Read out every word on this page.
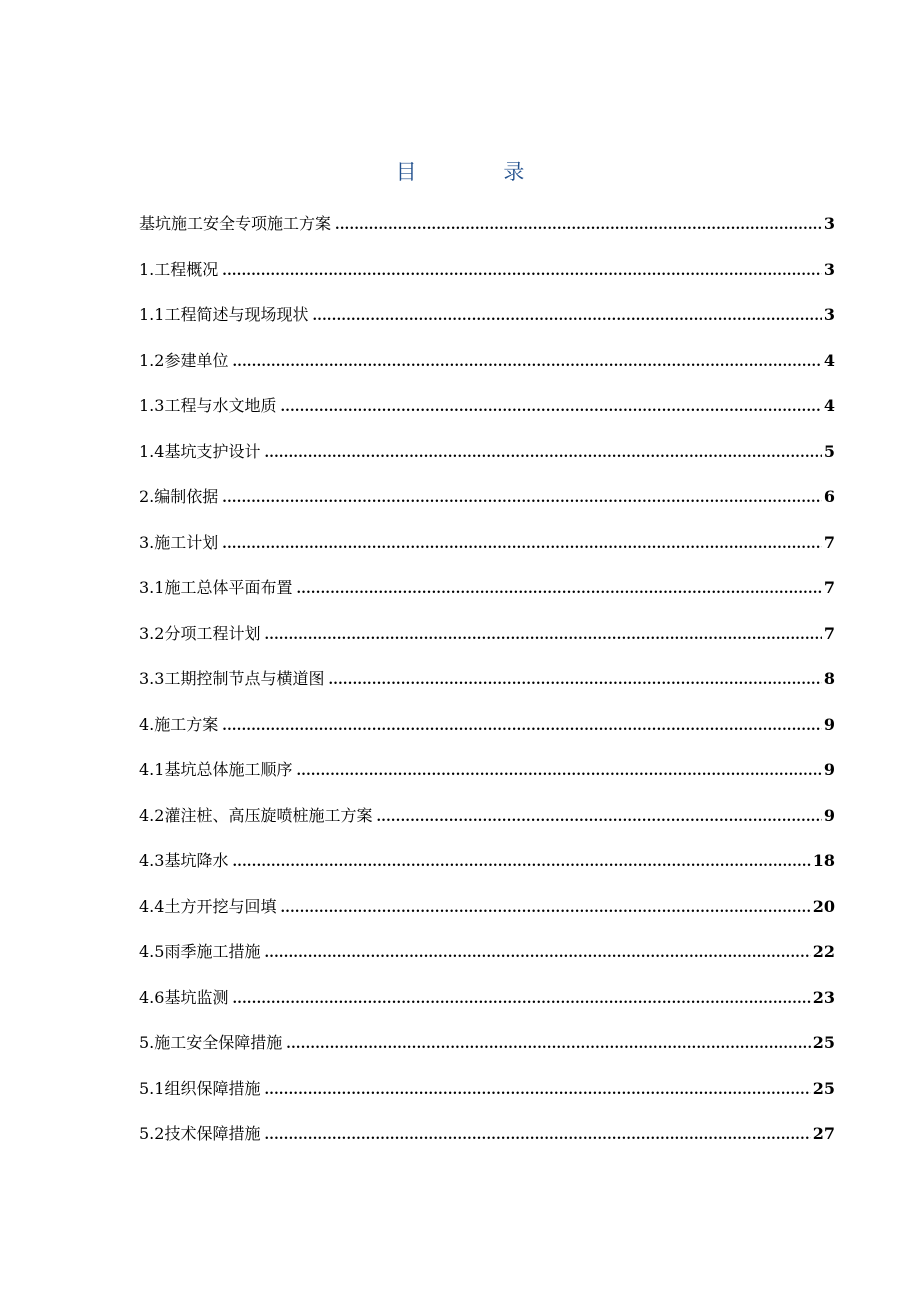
目 录
基坑施工安全专项施工方案 .....	3
1.工程概况 .....	3
1.1工程简述与现场现状 .....	3
1.2参建单位 .....	4
1.3工程与水文地质 .....	4
1.4基坑支护设计 .....	5
2.编制依据 .....	6
3.施工计划 .....	7
3.1施工总体平面布置 .....	7
3.2分项工程计划 .....	7
3.3工期控制节点与横道图 .....	8
4.施工方案 .....	9
4.1基坑总体施工顺序 .....	9
4.2灌注桩、高压旋喷桩施工方案 .....	9
4.3基坑降水 .....	18
4.4土方开挖与回填 .....	20
4.5雨季施工措施 .....	22
4.6基坑监测 .....	23
5.施工安全保障措施 .....	25
5.1组织保障措施 .....	25
5.2技术保障措施 .....	27
